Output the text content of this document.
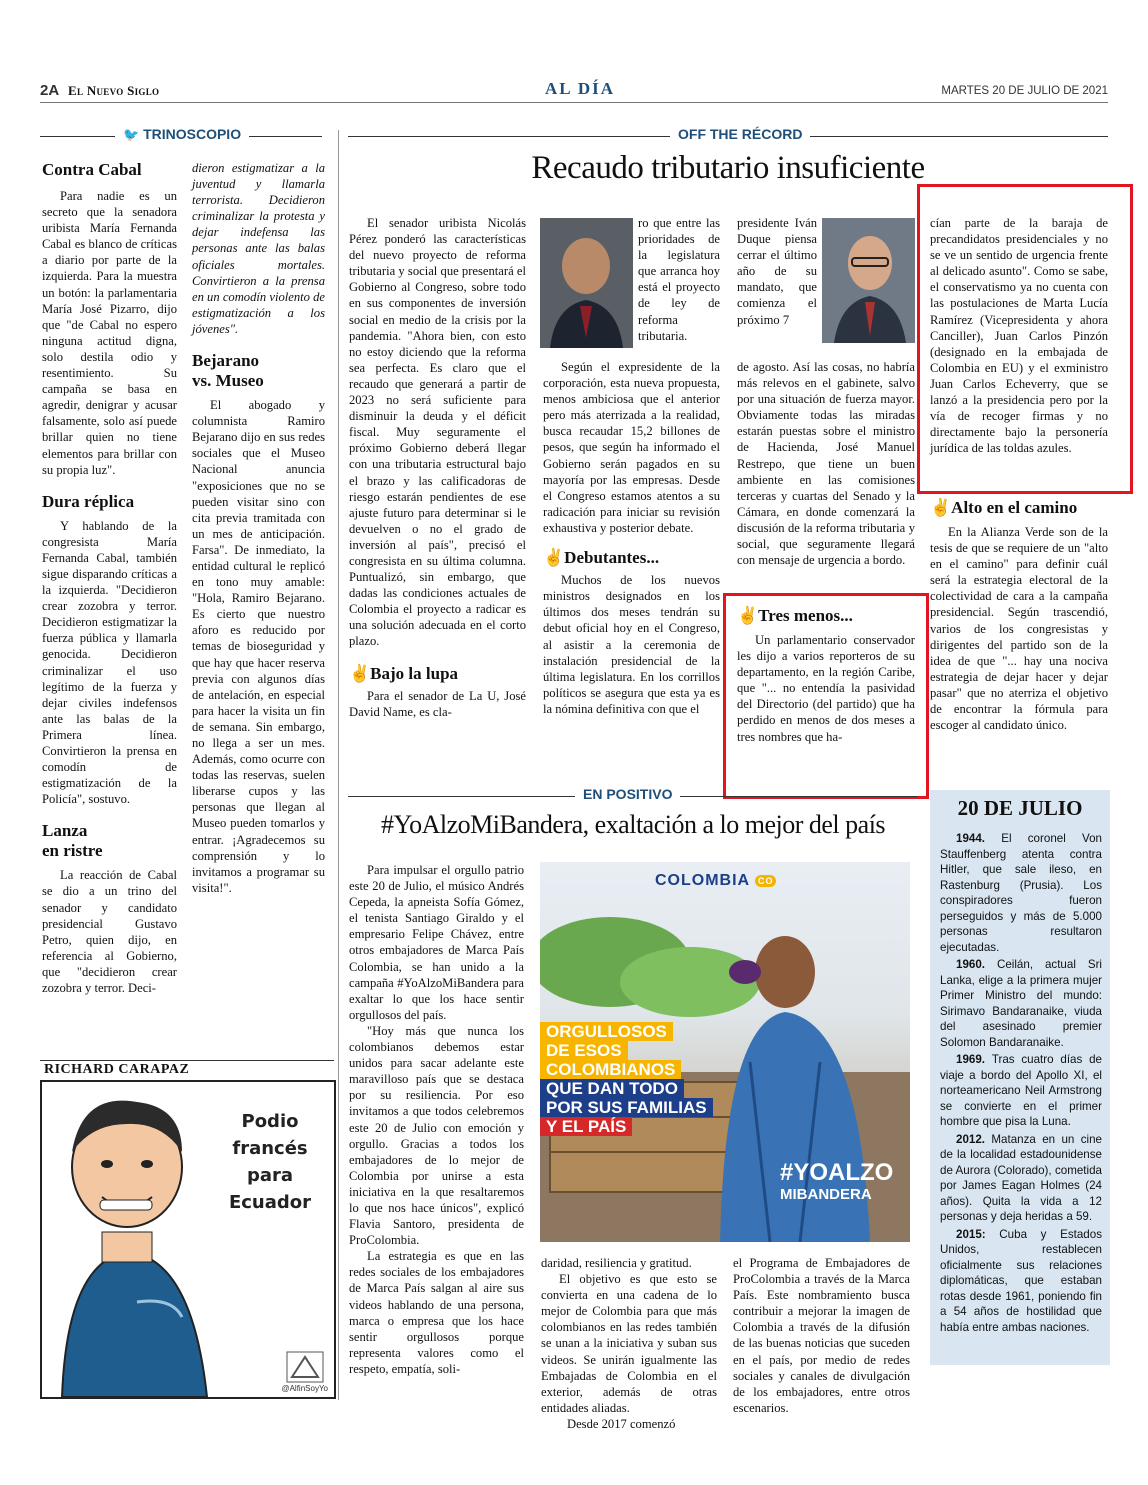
2A El Nuevo Siglo	AL DÍA	MARTES 20 DE JULIO DE 2021
🐦 TRINOSCOPIO
Contra Cabal

Para nadie es un secreto que la senadora uribista María Fernanda Cabal es blanco de críticas a diario por parte de la izquierda. Para la muestra un botón: la parlamentaria María José Pizarro, dijo que "de Cabal no espero ninguna actitud digna, solo destila odio y resentimiento. Su campaña se basa en agredir, denigrar y acusar falsamente, solo así puede brillar quien no tiene elementos para brillar con su propia luz".

Dura réplica

Y hablando de la congresista María Fernanda Cabal, también sigue disparando críticas a la izquierda. "Decidieron crear zozobra y terror. Decidieron estigmatizar la fuerza pública y llamarla genocida. Decidieron criminalizar el uso legítimo de la fuerza y dejar civiles indefensos ante las balas de la Primera línea. Convirtieron la prensa en comodín de estigmatización de la Policía", sostuvo.

Lanza
en ristre

La reacción de Cabal se dio a un trino del senador y candidato presidencial Gustavo Petro, quien dijo, en referencia al Gobierno, que "decidieron crear zozobra y terror. Deci-

dieron estigmatizar a la juventud y llamarla terrorista. Decidieron criminalizar la protesta y dejar indefensa las personas ante las balas oficiales mortales. Convirtieron a la prensa en un comodín violento de estigmatización a los jóvenes".

Bejarano
vs. Museo

El abogado y columnista Ramiro Bejarano dijo en sus redes sociales que el Museo Nacional anuncia "exposiciones que no se pueden visitar sino con cita previa tramitada con un mes de anticipación. Farsa". De inmediato, la entidad cultural le replicó en tono muy amable: "Hola, Ramiro Bejarano. Es cierto que nuestro aforo es reducido por temas de bioseguridad y que hay que hacer reserva previa con algunos días de antelación, en especial para hacer la visita un fin de semana. Sin embargo, no llega a ser un mes. Además, como ocurre con todas las reservas, suelen liberarse cupos y las personas que llegan al Museo pueden tomarlos y entrar. ¡Agradecemos su comprensión y lo invitamos a programar su visita!".

RICHARD CARAPAZ
Podio francés para Ecuador
@AlfinSoyYo
OFF THE RÉCORD
Recaudo tributario insuficiente

El senador uribista Nicolás Pérez ponderó las características del nuevo proyecto de reforma tributaria y social que presentará el Gobierno al Congreso, sobre todo en sus componentes de inversión social en medio de la crisis por la pandemia. "Ahora bien, con esto no estoy diciendo que la reforma sea perfecta. Es claro que el recaudo que generará a partir de 2023 no será suficiente para disminuir la deuda y el déficit fiscal. Muy seguramente el próximo Gobierno deberá llegar con una tributaria estructural bajo el brazo y las calificadoras de riesgo estarán pendientes de ese ajuste futuro para determinar si le devuelven o no el grado de inversión al país", precisó el congresista en su última columna. Puntualizó, sin embargo, que dadas las condiciones actuales de Colombia el proyecto a radicar es una solución adecuada en el corto plazo.

✌Bajo la lupa

Para el senador de La U, José David Name, es cla-

ro que entre las prioridades de la legislatura que arranca hoy está el proyecto de ley de reforma tributaria.

Según el expresidente de la corporación, esta nueva propuesta, menos ambiciosa que el anterior pero más aterrizada a la realidad, busca recaudar 15,2 billones de pesos, que según ha informado el Gobierno serán pagados en su mayoría por las empresas. Desde el Congreso estamos atentos a su radicación para iniciar su revisión exhaustiva y posterior debate.

✌Debutantes...

Muchos de los nuevos ministros designados en los últimos dos meses tendrán su debut oficial hoy en el Congreso, al asistir a la ceremonia de instalación presidencial de la última legislatura. En los corrillos políticos se asegura que esta ya es la nómina definitiva con que el

presidente Iván Duque piensa cerrar el último año de su mandato, que comienza el próximo 7

de agosto. Así las cosas, no habría más relevos en el gabinete, salvo por una situación de fuerza mayor. Obviamente todas las miradas estarán puestas sobre el ministro de Hacienda, José Manuel Restrepo, que tiene un buen ambiente en las comisiones terceras y cuartas del Senado y la Cámara, en donde comenzará la discusión de la reforma tributaria y social, que seguramente llegará con mensaje de urgencia a bordo.

✌Tres menos...

Un parlamentario conservador les dijo a varios reporteros de su departamento, en la región Caribe, que "... no entendía la pasividad del Directorio (del partido) que ha perdido en menos de dos meses a tres nombres que ha-

cían parte de la baraja de precandidatos presidenciales y no se ve un sentido de urgencia frente al delicado asunto". Como se sabe, el conservatismo ya no cuenta con las postulaciones de Marta Lucía Ramírez (Vicepresidenta y ahora Canciller), Juan Carlos Pinzón (designado en la embajada de Colombia en EU) y el exministro Juan Carlos Echeverry, que se lanzó a la presidencia pero por la vía de recoger firmas y no directamente bajo la personería jurídica de las toldas azules.

✌Alto en el camino

En la Alianza Verde son de la tesis de que se requiere de un "alto en el camino" para definir cuál será la estrategia electoral de la colectividad de cara a la campaña presidencial. Según trascendió, varios de los congresistas y dirigentes del partido son de la idea de que "... hay una nociva estrategia de dejar hacer y dejar pasar" que no aterriza el objetivo de encontrar la fórmula para escoger al candidato único.

EN POSITIVO
#YoAlzoMiBandera, exaltación a lo mejor del país

Para impulsar el orgullo patrio este 20 de Julio, el músico Andrés Cepeda, la apneista Sofía Gómez, el tenista Santiago Giraldo y el empresario Felipe Chávez, entre otros embajadores de Marca País Colombia, se han unido a la campaña #YoAlzoMiBandera para exaltar lo que los hace sentir orgullosos del país.

"Hoy más que nunca los colombianos debemos estar unidos para sacar adelante este maravilloso país que se destaca por su resiliencia. Por eso invitamos a que todos celebremos este 20 de Julio con emoción y orgullo. Gracias a todos los embajadores de lo mejor de Colombia por unirse a esta iniciativa en la que resaltaremos lo que nos hace únicos", explicó Flavia Santoro, presidenta de ProColombia.

La estrategia es que en las redes sociales de los embajadores de Marca País salgan al aire sus videos hablando de una persona, marca o empresa que los hace sentir orgullosos porque representa valores como el respeto, empatía, soli-

COLOMBIA CO
ORGULLOSOS
DE ESOS
COLOMBIANOS
QUE DAN TODO
POR SUS FAMILIAS
Y EL PAÍS
#YOALZO
MIBANDERA

daridad, resiliencia y gratitud.

El objetivo es que esto se convierta en una cadena de lo mejor de Colombia para que más colombianos en las redes también se unan a la iniciativa y suban sus videos. Se unirán igualmente las Embajadas de Colombia en el exterior, además de otras entidades aliadas.

Desde 2017 comenzó

el Programa de Embajadores de ProColombia a través de la Marca País. Este nombramiento busca contribuir a mejorar la imagen de Colombia a través de la difusión de las buenas noticias que suceden en el país, por medio de redes sociales y canales de divulgación de los embajadores, entre otros escenarios.

20 DE JULIO
1944. El coronel Von Stauffenberg atenta contra Hitler, que sale ileso, en Rastenburg (Prusia). Los conspiradores fueron perseguidos y más de 5.000 personas resultaron ejecutadas.
1960. Ceilán, actual Sri Lanka, elige a la primera mujer Primer Ministro del mundo: Sirimavo Bandaranaike, viuda del asesinado premier Solomon Bandaranaike.
1969. Tras cuatro días de viaje a bordo del Apollo XI, el norteamericano Neil Armstrong se convierte en el primer hombre que pisa la Luna.
2012. Matanza en un cine de la localidad estadounidense de Aurora (Colorado), cometida por James Eagan Holmes (24 años). Quita la vida a 12 personas y deja heridas a 59.
2015: Cuba y Estados Unidos, restablecen oficialmente sus relaciones diplomáticas, que estaban rotas desde 1961, poniendo fin a 54 años de hostilidad que había entre ambas naciones.
